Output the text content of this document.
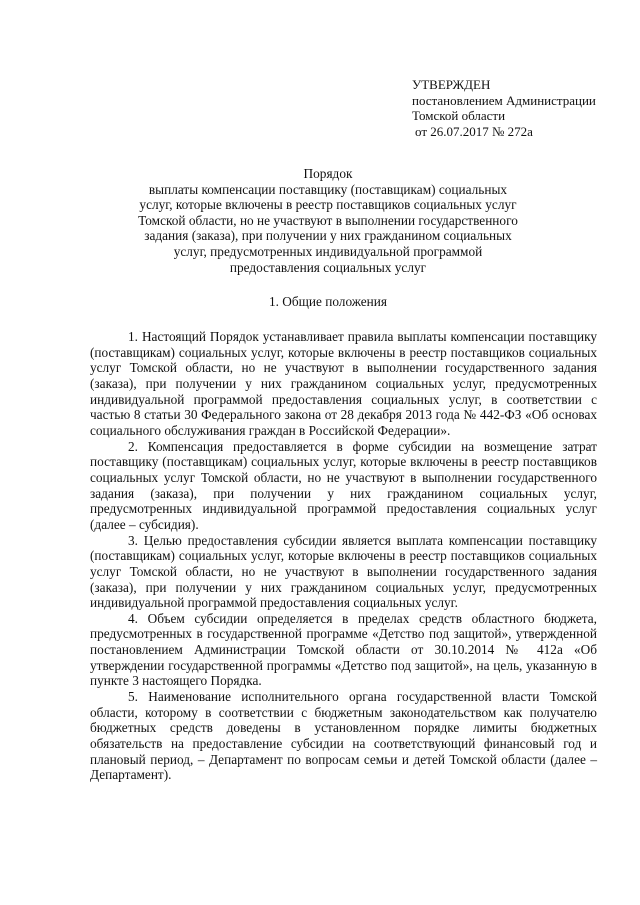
УТВЕРЖДЕН
постановлением Администрации
Томской области
от 26.07.2017 № 272а
Порядок
выплаты компенсации поставщику (поставщикам) социальных
услуг, которые включены в реестр поставщиков социальных услуг
Томской области, но не участвуют в выполнении государственного
задания (заказа), при получении у них гражданином социальных
услуг, предусмотренных индивидуальной программой
предоставления социальных услуг
1. Общие положения

1. Настоящий Порядок устанавливает правила выплаты компенсации поставщику (поставщикам) социальных услуг, которые включены в реестр поставщиков социальных услуг Томской области, но не участвуют в выполнении государственного задания (заказа), при получении у них гражданином социальных услуг, предусмотренных индивидуальной программой предоставления социальных услуг, в соответствии с частью 8 статьи 30 Федерального закона от 28 декабря 2013 года № 442-ФЗ «Об основах социального обслуживания граждан в Российской Федерации».

2. Компенсация предоставляется в форме субсидии на возмещение затрат поставщику (поставщикам) социальных услуг, которые включены в реестр поставщиков социальных услуг Томской области, но не участвуют в выполнении государственного задания (заказа), при получении у них гражданином социальных услуг, предусмотренных индивидуальной программой предоставления социальных услуг (далее – субсидия).

3. Целью предоставления субсидии является выплата компенсации поставщику (поставщикам) социальных услуг, которые включены в реестр поставщиков социальных услуг Томской области, но не участвуют в выполнении государственного задания (заказа), при получении у них гражданином социальных услуг, предусмотренных индивидуальной программой предоставления социальных услуг.

4. Объем субсидии определяется в пределах средств областного бюджета, предусмотренных в государственной программе «Детство под защитой», утвержденной постановлением Администрации Томской области от 30.10.2014 № 412а «Об утверждении государственной программы «Детство под защитой», на цель, указанную в пункте 3 настоящего Порядка.

5. Наименование исполнительного органа государственной власти Томской области, которому в соответствии с бюджетным законодательством как получателю бюджетных средств доведены в установленном порядке лимиты бюджетных обязательств на предоставление субсидии на соответствующий финансовый год и плановый период, – Департамент по вопросам семьи и детей Томской области (далее – Департамент).
